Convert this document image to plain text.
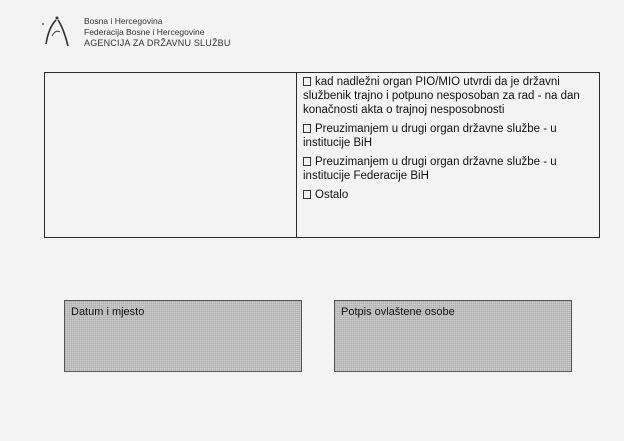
Bosna i Hercegovina
Federacija Bosne i Hercegovine
AGENCIJA ZA DRŽAVNU SLUŽBU
kad nadležni organ PIO/MIO utvrdi da je državni službenik trajno i potpuno nesposoban za rad - na dan konačnosti akta o trajnoj nesposobnosti
Preuzimanjem u drugi organ državne službe - u institucije BiH
Preuzimanjem u drugi organ državne službe - u institucije Federacije BiH
Ostalo
Datum i mjesto	Potpis ovlaštene osobe
